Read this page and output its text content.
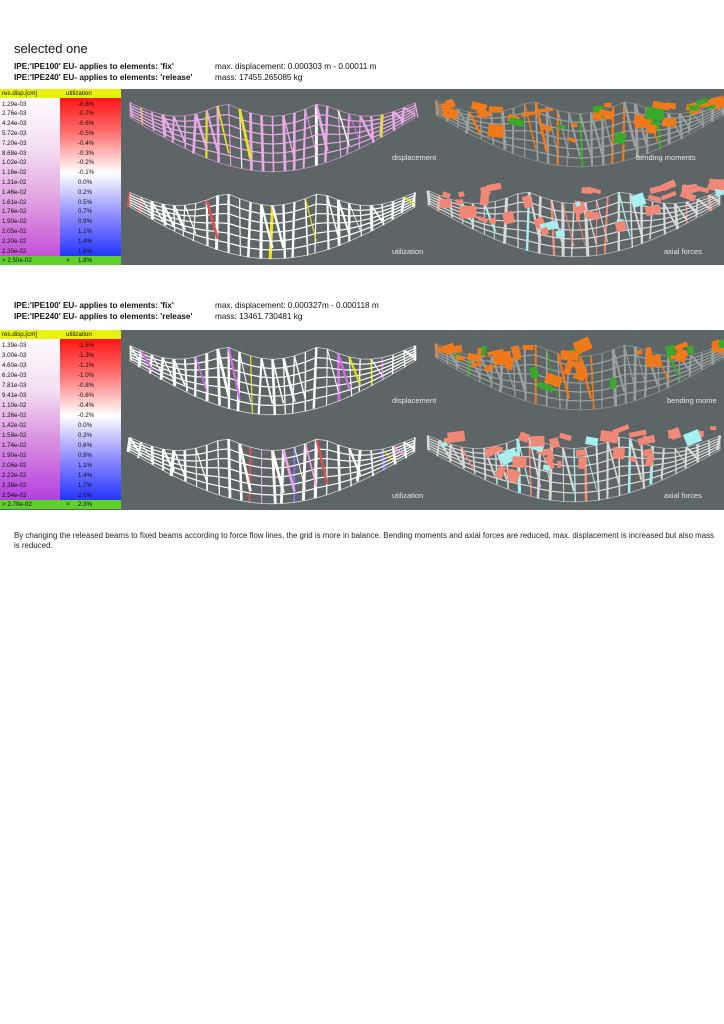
selected one
IPE:'IPE100' EU- applies to elements: 'fix'
IPE:'IPE240' EU- applies to elements: 'release'
max. displacement: 0.000303 m - 0.00011 m
mass: 17455.265085 kg
res.disp.[cm]	utilization
1.29e-03	-0.8%
2.76e-03	-0.7%
4.24e-03	-0.6%
5.72e-03	-0.5%
7.20e-03	-0.4%
8.68e-03	-0.3%
1.02e-02	-0.2%
1.16e-02	-0.1%
1.31e-02	0.0%
1.46e-02	0.2%
1.61e-02	0.5%
1.76e-02	0.7%
1.90e-02	0.9%
2.05e-02	1.1%
2.20e-02	1.4%
2.35e-02	1.6%
> 2.50e-02	> 1.8%
displacement	bending moments
utilization	axial forces
IPE:'IPE100' EU- applies to elements: 'fix'
IPE:'IPE240' EU- applies to elements: 'release'
max. displacement: 0.000327m - 0.000118 m
mass: 13461.730481 kg
res.disp.[cm]	utilization
1.39e-03	-1.5%
3.00e-03	-1.3%
4.60e-03	-1.1%
6.20e-03	-1.0%
7.81e-03	-0.8%
9.41e-03	-0.6%
1.10e-02	-0.4%
1.26e-02	-0.2%
1.42e-02	0.0%
1.58e-02	0.3%
1.74e-02	0.6%
1.90e-02	0.9%
2.06e-02	1.1%
2.22e-02	1.4%
2.38e-02	1.7%
2.54e-02	2.0%
> 2.70e-02	> 2.3%
displacement	bending mome
utilization	axial forces
By changing the released beams to fixed beams according to force flow lines, the grid is more in balance. Bending moments and axial forces are reduced, max. displacement is increased but also mass is reduced.
